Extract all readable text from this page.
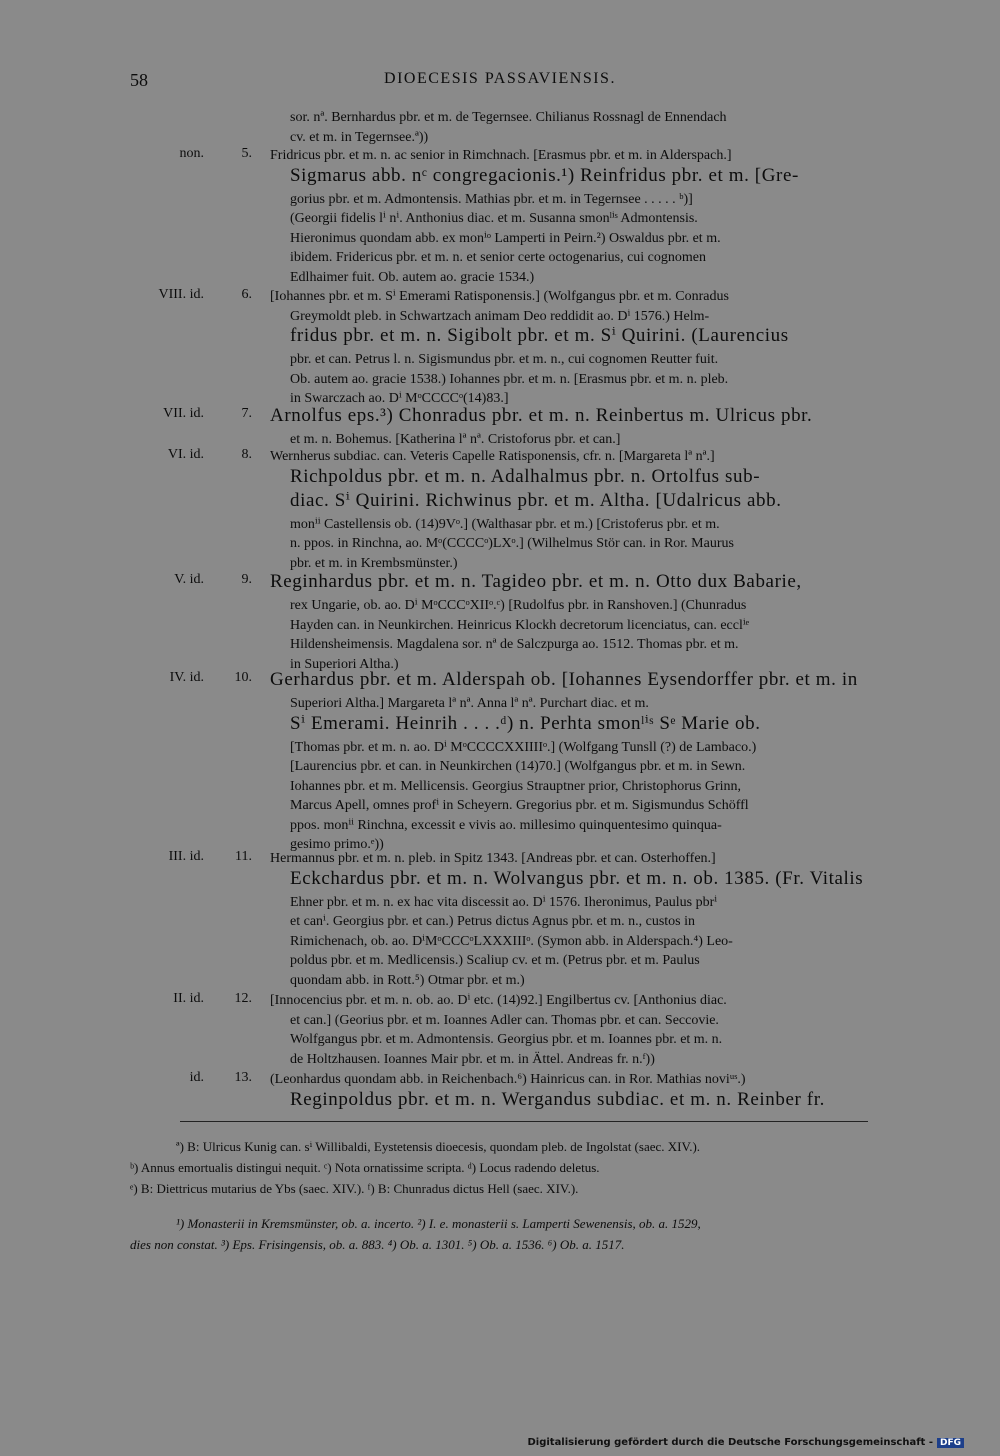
58	DIOECESIS PASSAVIENSIS.
sor. nª. Bernhardus pbr. et m. de Tegernsee. Chilianus Rossnagl de Ennendach
cv. et m. in Tegernsee.ª))
non.	5. Fridricus pbr. et m. n. ac senior in Rimchnach. [Erasmus pbr. et m. in Alderspach.]
Sigmarus abb. nᶜ congregacionis.¹) Reinfridus pbr. et m. [Gre-
gorius pbr. et m. Admontensis. Mathias pbr. et m. in Tegernsee . . . . . ᵇ)]
(Georgii fidelis lⁱ nⁱ. Anthonius diac. et m. Susanna smonˡⁱˢ Admontensis.
Hieronimus quondam abb. ex monⁱᵒ Lamperti in Peirn.²) Oswaldus pbr. et m.
ibidem. Fridericus pbr. et m. n. et senior certe octogenarius, cui cognomen
Edlhaimer fuit. Ob. autem ao. gracie 1534.)
VIII. id.	6. [Iohannes pbr. et m. Sⁱ Emerami Ratisponensis.] (Wolfgangus pbr. et m. Conradus
Greymoldt pleb. in Schwartzach animam Deo reddidit ao. Dⁱ 1576.) Helm-
fridus pbr. et m. n. Sigibolt pbr. et m. Sⁱ Quirini. (Laurencius
pbr. et can. Petrus l. n. Sigismundus pbr. et m. n., cui cognomen Reutter fuit.
Ob. autem ao. gracie 1538.) Iohannes pbr. et m. n. [Erasmus pbr. et m. n. pleb.
in Swarczach ao. Dⁱ MᵒCCCCᵒ(14)83.]
VII. id.	7. Arnolfus eps.³) Chonradus pbr. et m. n. Reinbertus m. Ulricus pbr.
et m. n. Bohemus. [Katherina lª nª. Cristoforus pbr. et can.]
VI. id.	8. Wernherus subdiac. can. Veteris Capelle Ratisponensis, cfr. n. [Margareta lª nª.]
Richpoldus pbr. et m. n. Adalhalmus pbr. n. Ortolfus sub-
diac. Sⁱ Quirini. Richwinus pbr. et m. Altha. [Udalricus abb.
monⁱⁱ Castellensis ob. (14)9Vᵒ.] (Walthasar pbr. et m.) [Cristoferus pbr. et m.
n. ppos. in Rinchna, ao. Mᵒ(CCCCᵒ)LXᵒ.] (Wilhelmus Stör can. in Ror. Maurus
pbr. et m. in Krembsmünster.)
V. id.	9. Reginhardus pbr. et m. n. Tagideo pbr. et m. n. Otto dux Babarie,
rex Ungarie, ob. ao. Dⁱ MᵒCCCᵒXIIᵒ.ᶜ) [Rudolfus pbr. in Ranshoven.] (Chunradus
Hayden can. in Neunkirchen. Heinricus Klockh decretorum licenciatus, can. ecclⁱᵉ
Hildensheimensis. Magdalena sor. nª de Salczpurga ao. 1512. Thomas pbr. et m.
in Superiori Altha.)
IV. id.	10. Gerhardus pbr. et m. Alderspah ob. [Iohannes Eysendorffer pbr. et m. in
Superiori Altha.] Margareta lª nª. Anna lª nª. Purchart diac. et m.
Sⁱ Emerami. Heinrih . . . .ᵈ) n. Perhta smonˡⁱˢ Sᵉ Marie ob.
[Thomas pbr. et m. n. ao. Dⁱ MᵒCCCCXXIIIIᵒ.] (Wolfgang Tunsll (?) de Lambaco.)
[Laurencius pbr. et can. in Neunkirchen (14)70.] (Wolfgangus pbr. et m. in Sewn.
Iohannes pbr. et m. Mellicensis. Georgius Strauptner prior, Christophorus Grinn,
Marcus Apell, omnes profⁱ in Scheyern. Gregorius pbr. et m. Sigismundus Schöffl
ppos. monⁱⁱ Rinchna, excessit e vivis ao. millesimo quinquentesimo quinqua-
gesimo primo.ᵉ))
III. id.	11. Hermannus pbr. et m. n. pleb. in Spitz 1343. [Andreas pbr. et can. Osterhoffen.]
Eckchardus pbr. et m. n. Wolvangus pbr. et m. n. ob. 1385. (Fr. Vitalis
Ehner pbr. et m. n. ex hac vita discessit ao. Dⁱ 1576. Iheronimus, Paulus pbrⁱ
et canⁱ. Georgius pbr. et can.) Petrus dictus Agnus pbr. et m. n., custos in
Rimichenach, ob. ao. DⁱMᵒCCCᵒLXXXIIIᵒ. (Symon abb. in Alderspach.⁴) Leo-
poldus pbr. et m. Medlicensis.) Scaliup cv. et m. (Petrus pbr. et m. Paulus
quondam abb. in Rott.⁵) Otmar pbr. et m.)
II. id.	12. [Innocencius pbr. et m. n. ob. ao. Dⁱ etc. (14)92.] Engilbertus cv. [Anthonius diac.
et can.] (Georius pbr. et m. Ioannes Adler can. Thomas pbr. et can. Seccovie.
Wolfgangus pbr. et m. Admontensis. Georgius pbr. et m. Ioannes pbr. et m. n.
de Holtzhausen. Ioannes Mair pbr. et m. in Ättel. Andreas fr. n.ᶠ))
id.	13. (Leonhardus quondam abb. in Reichenbach.⁶) Hainricus can. in Ror. Mathias noviᵘˢ.)
Reginpoldus pbr. et m. n. Wergandus subdiac. et m. n. Reinber fr.
ª) B: Ulricus Kunig can. sⁱ Willibaldi, Eystetensis dioecesis, quondam pleb. de Ingolstat (saec. XIV.).
ᵇ) Annus emortualis distingui nequit. ᶜ) Nota ornatissime scripta. ᵈ) Locus radendo deletus.
ᵉ) B: Diettricus mutarius de Ybs (saec. XIV.). ᶠ) B: Chunradus dictus Hell (saec. XIV.).
¹) Monasterii in Kremsmünster, ob. a. incerto. ²) I. e. monasterii s. Lamperti Sewenensis, ob. a. 1529,
dies non constat. ³) Eps. Frisingensis, ob. a. 883. ⁴) Ob. a. 1301. ⁵) Ob. a. 1536. ⁶) Ob. a. 1517.
Digitalisierung gefördert durch die Deutsche Forschungsgemeinschaft - DFG
